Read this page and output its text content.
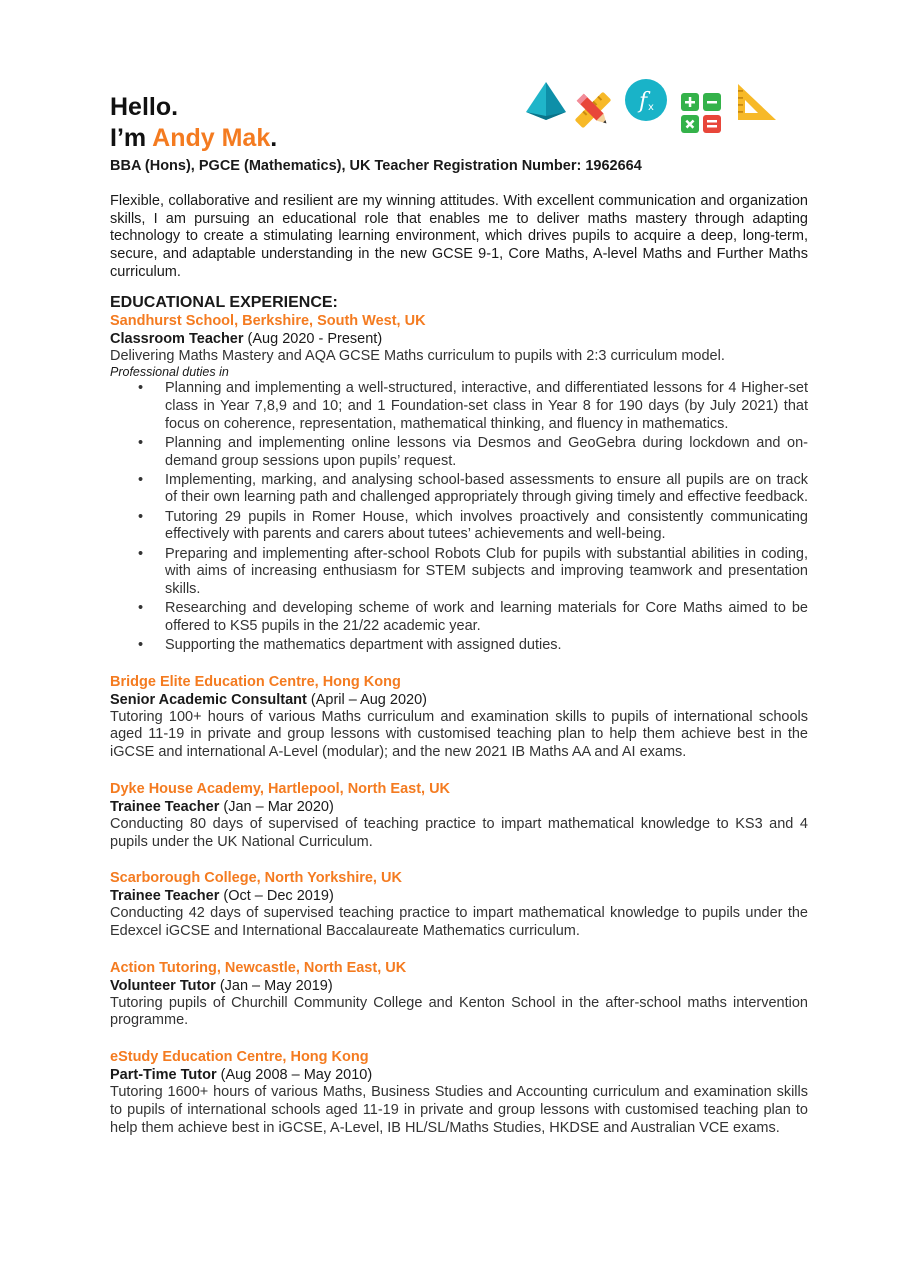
f x
Hello.
I’m Andy Mak.
BBA (Hons), PGCE (Mathematics), UK Teacher Registration Number: 1962664
Flexible, collaborative and resilient are my winning attitudes. With excellent communication and organization skills, I am pursuing an educational role that enables me to deliver maths mastery through adapting technology to create a stimulating learning environment, which drives pupils to acquire a deep, long-term, secure, and adaptable understanding in the new GCSE 9-1, Core Maths, A-level Maths and Further Maths curriculum.
EDUCATIONAL EXPERIENCE:
Sandhurst School, Berkshire, South West, UK
Classroom Teacher (Aug 2020 - Present)
Delivering Maths Mastery and AQA GCSE Maths curriculum to pupils with 2:3 curriculum model.
Professional duties in
• Planning and implementing a well-structured, interactive, and differentiated lessons for 4 Higher-set class in Year 7,8,9 and 10; and 1 Foundation-set class in Year 8 for 190 days (by July 2021) that focus on coherence, representation, mathematical thinking, and fluency in mathematics.
• Planning and implementing online lessons via Desmos and GeoGebra during lockdown and on-demand group sessions upon pupils’ request.
• Implementing, marking, and analysing school-based assessments to ensure all pupils are on track of their own learning path and challenged appropriately through giving timely and effective feedback.
• Tutoring 29 pupils in Romer House, which involves proactively and consistently communicating effectively with parents and carers about tutees’ achievements and well-being.
• Preparing and implementing after-school Robots Club for pupils with substantial abilities in coding, with aims of increasing enthusiasm for STEM subjects and improving teamwork and presentation skills.
• Researching and developing scheme of work and learning materials for Core Maths aimed to be offered to KS5 pupils in the 21/22 academic year.
• Supporting the mathematics department with assigned duties.
Bridge Elite Education Centre, Hong Kong
Senior Academic Consultant (April – Aug 2020)
Tutoring 100+ hours of various Maths curriculum and examination skills to pupils of international schools aged 11-19 in private and group lessons with customised teaching plan to help them achieve best in the iGCSE and international A-Level (modular); and the new 2021 IB Maths AA and AI exams.
Dyke House Academy, Hartlepool, North East, UK
Trainee Teacher (Jan – Mar 2020)
Conducting 80 days of supervised of teaching practice to impart mathematical knowledge to KS3 and 4 pupils under the UK National Curriculum.
Scarborough College, North Yorkshire, UK
Trainee Teacher (Oct – Dec 2019)
Conducting 42 days of supervised teaching practice to impart mathematical knowledge to pupils under the Edexcel iGCSE and International Baccalaureate Mathematics curriculum.
Action Tutoring, Newcastle, North East, UK
Volunteer Tutor (Jan – May 2019)
Tutoring pupils of Churchill Community College and Kenton School in the after-school maths intervention programme.
eStudy Education Centre, Hong Kong
Part-Time Tutor (Aug 2008 – May 2010)
Tutoring 1600+ hours of various Maths, Business Studies and Accounting curriculum and examination skills to pupils of international schools aged 11-19 in private and group lessons with customised teaching plan to help them achieve best in iGCSE, A-Level, IB HL/SL/Maths Studies, HKDSE and Australian VCE exams.
